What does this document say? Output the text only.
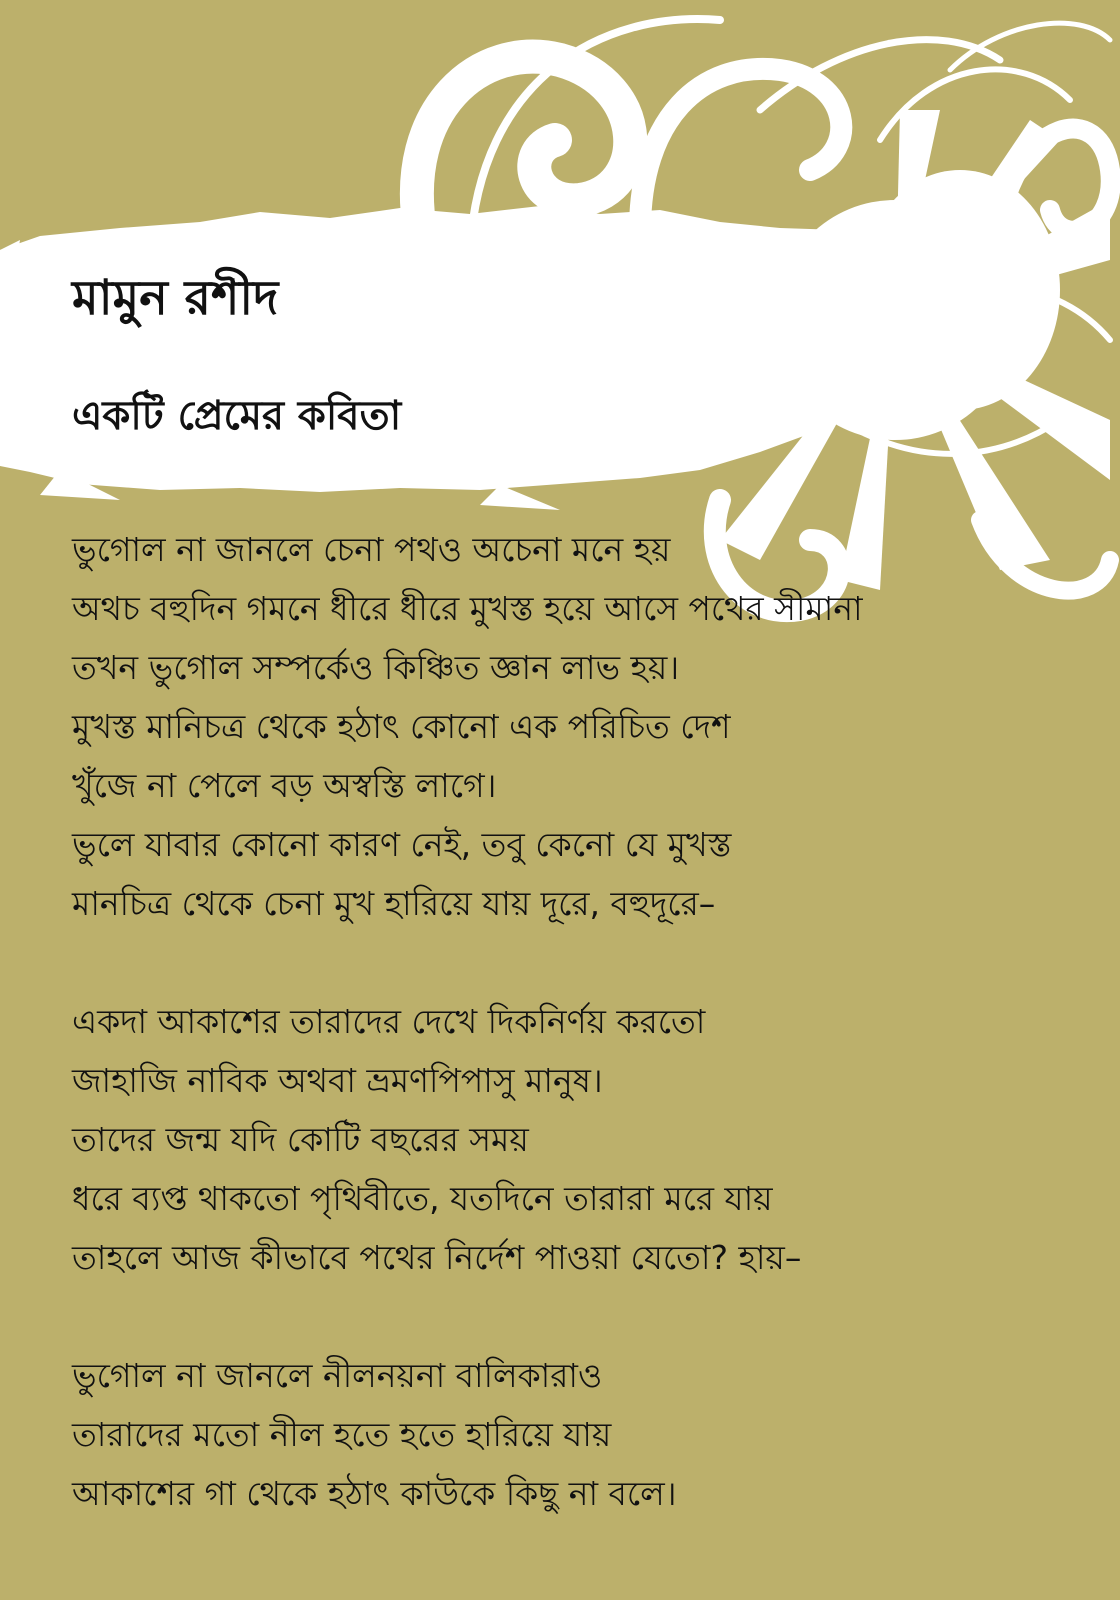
মামুন রশীদ
একটি প্রেমের কবিতা

ভুগোল না জানলে চেনা পথও অচেনা মনে হয়

অথচ বহুদিন গমনে ধীরে ধীরে মুখস্ত হয়ে আসে পথের সীমানা

তখন ভুগোল সম্পর্কেও কিঞ্চিত জ্ঞান লাভ হয়।

মুখস্ত মানিচত্র থেকে হঠাৎ কোনো এক পরিচিত দেশ

খুঁজে না পেলে বড় অস্বস্তি লাগে।

ভুলে যাবার কোনো কারণ নেই, তবু কেনো যে মুখস্ত

মানচিত্র থেকে চেনা মুখ হারিয়ে যায় দূরে, বহুদূরে–

একদা আকাশের তারাদের দেখে দিকনির্ণয় করতো

জাহাজি নাবিক অথবা ভ্রমণপিপাসু মানুষ।

তাদের জন্ম যদি কোটি বছরের সময়

ধরে ব্যপ্ত থাকতো পৃথিবীতে, যতদিনে তারারা মরে যায়

তাহলে আজ কীভাবে পথের নির্দেশ পাওয়া যেতো? হায়–

ভুগোল না জানলে নীলনয়না বালিকারাও

তারাদের মতো নীল হতে হতে হারিয়ে যায়

আকাশের গা থেকে হঠাৎ কাউকে কিছু না বলে।
